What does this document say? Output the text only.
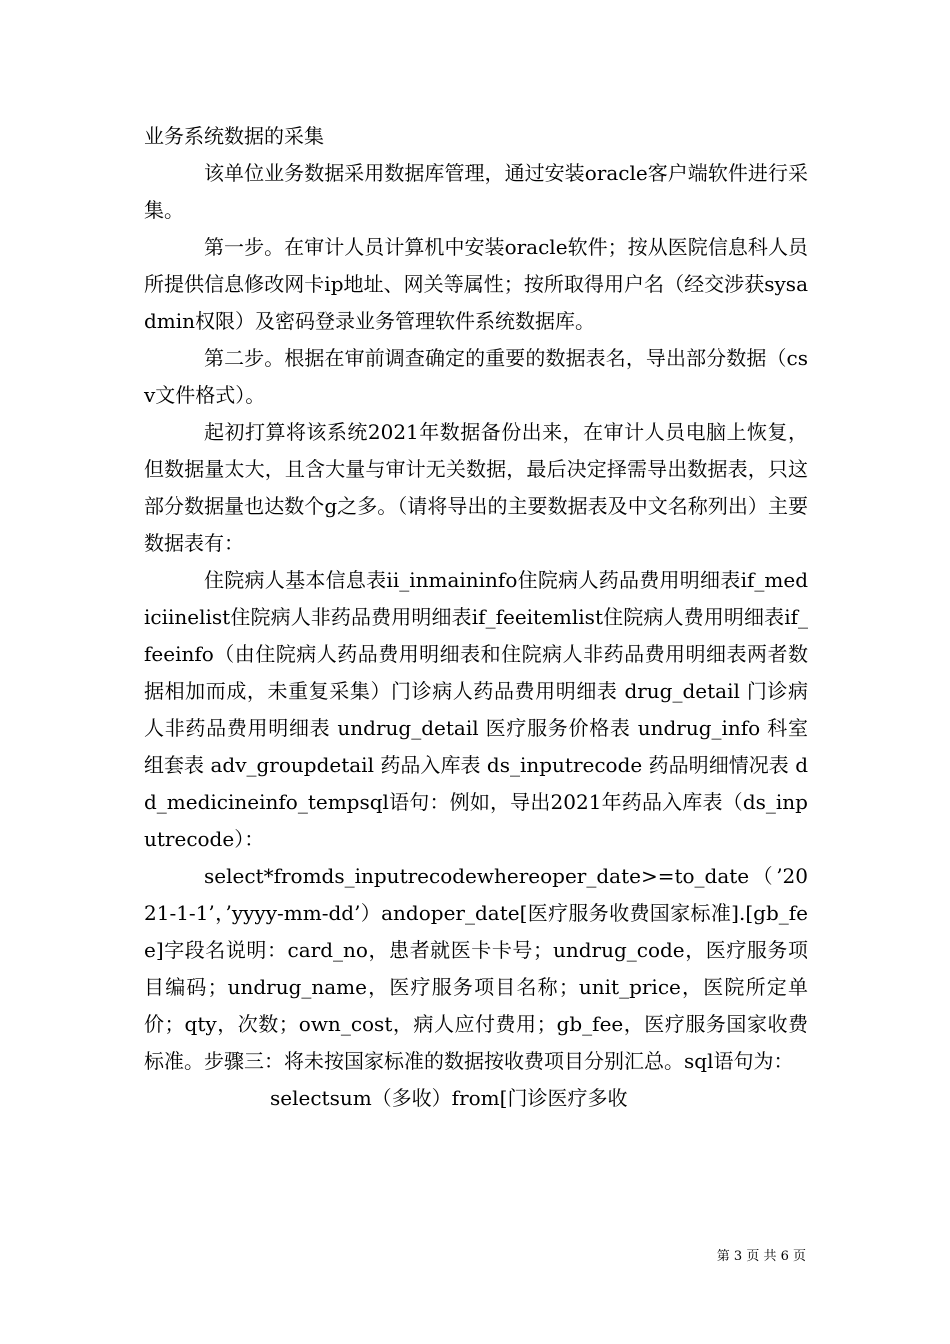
业务系统数据的采集

该单位业务数据采用数据库管理，通过安装oracle客户端软件进行采集。

第一步。在审计人员计算机中安装oracle软件；按从医院信息科人员所提供信息修改网卡ip地址、网关等属性；按所取得用户名（经交涉获sysadmin权限）及密码登录业务管理软件系统数据库。

第二步。根据在审前调查确定的重要的数据表名，导出部分数据（csv文件格式）。

起初打算将该系统2021年数据备份出来，在审计人员电脑上恢复，但数据量太大，且含大量与审计无关数据，最后决定择需导出数据表，只这部分数据量也达数个g之多。（请将导出的主要数据表及中文名称列出）主要数据表有：

住院病人基本信息表ii_inmaininfo住院病人药品费用明细表if_mediciinelist住院病人非药品费用明细表if_feeitemlist住院病人费用明细表if_feeinfo（由住院病人药品费用明细表和住院病人非药品费用明细表两者数据相加而成，未重复采集）门诊病人药品费用明细表 drug_detail 门诊病人非药品费用明细表 undrug_detail 医疗服务价格表 undrug_info 科室组套表 adv_groupdetail 药品入库表 ds_inputrecode 药品明细情况表 dd_medicineinfo_tempsql语句：例如，导出2021年药品入库表（ds_inputrecode）：

select*fromds_inputrecodewhereoper_date>=to_date（’2021-1-1’，’yyyy-mm-dd’）andoper_date[医疗服务收费国家标准].[gb_fee]字段名说明：card_no，患者就医卡卡号；undrug_code，医疗服务项目编码；undrug_name，医疗服务项目名称；unit_price，医院所定单价；qty，次数；own_cost，病人应付费用；gb_fee，医疗服务国家收费标准。步骤三：将未按国家标准的数据按收费项目分别汇总。sql语句为：

selectsum（多收）from[门诊医疗多收

第 3 页 共 6 页
